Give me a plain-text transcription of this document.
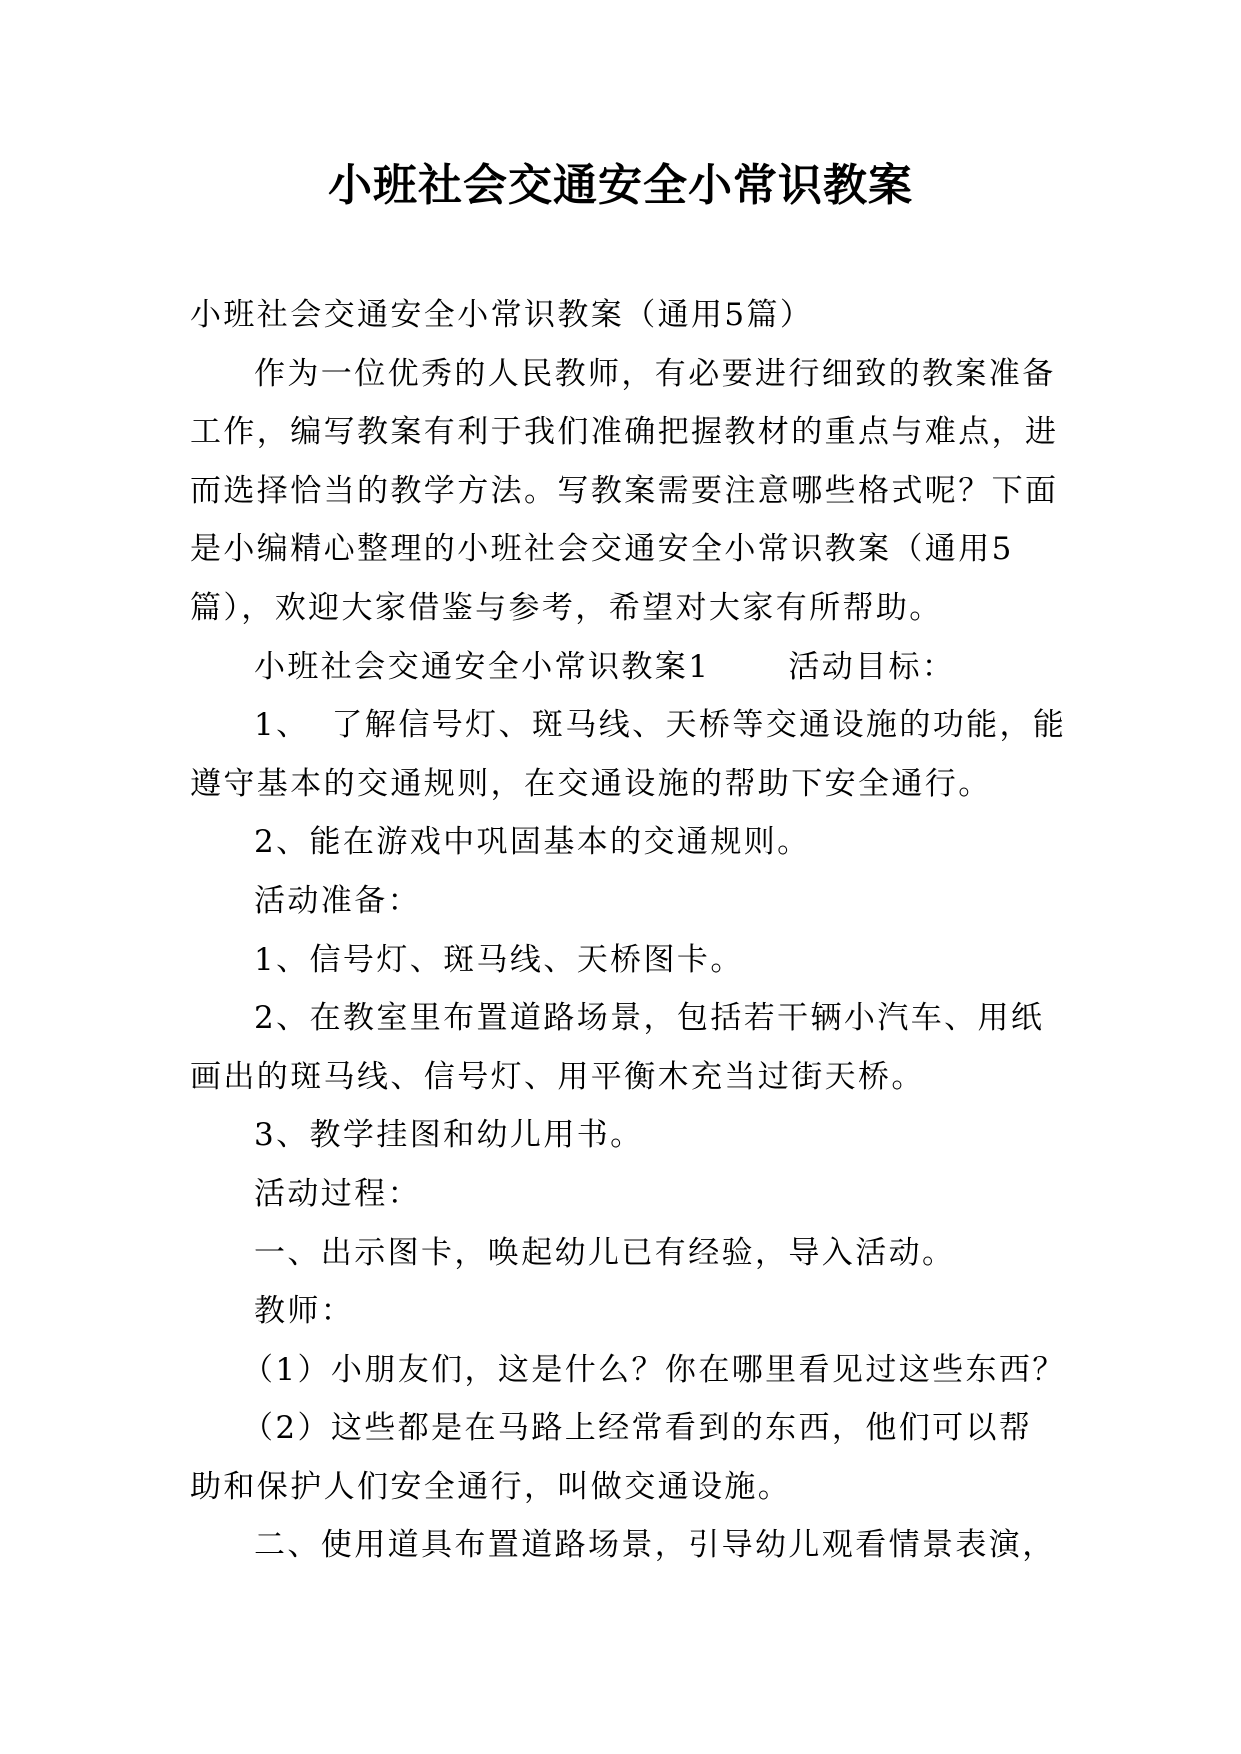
小班社会交通安全小常识教案

小班社会交通安全小常识教案（通用5篇）

作为一位优秀的人民教师，有必要进行细致的教案准备

工作，编写教案有利于我们准确把握教材的重点与难点，进

而选择恰当的教学方法。写教案需要注意哪些格式呢？下面

是小编精心整理的小班社会交通安全小常识教案（通用5

篇），欢迎大家借鉴与参考，希望对大家有所帮助。

小班社会交通安全小常识教案1	活动目标：

1、 了解信号灯、斑马线、天桥等交通设施的功能，能

遵守基本的交通规则，在交通设施的帮助下安全通行。

2、能在游戏中巩固基本的交通规则。

活动准备：

1、信号灯、斑马线、天桥图卡。

2、在教室里布置道路场景，包括若干辆小汽车、用纸

画出的斑马线、信号灯、用平衡木充当过街天桥。

3、教学挂图和幼儿用书。

活动过程：

一、出示图卡，唤起幼儿已有经验，导入活动。

教师：

（1）小朋友们，这是什么？你在哪里看见过这些东西？

（2）这些都是在马路上经常看到的东西，他们可以帮

助和保护人们安全通行，叫做交通设施。

二、使用道具布置道路场景，引导幼儿观看情景表演，
